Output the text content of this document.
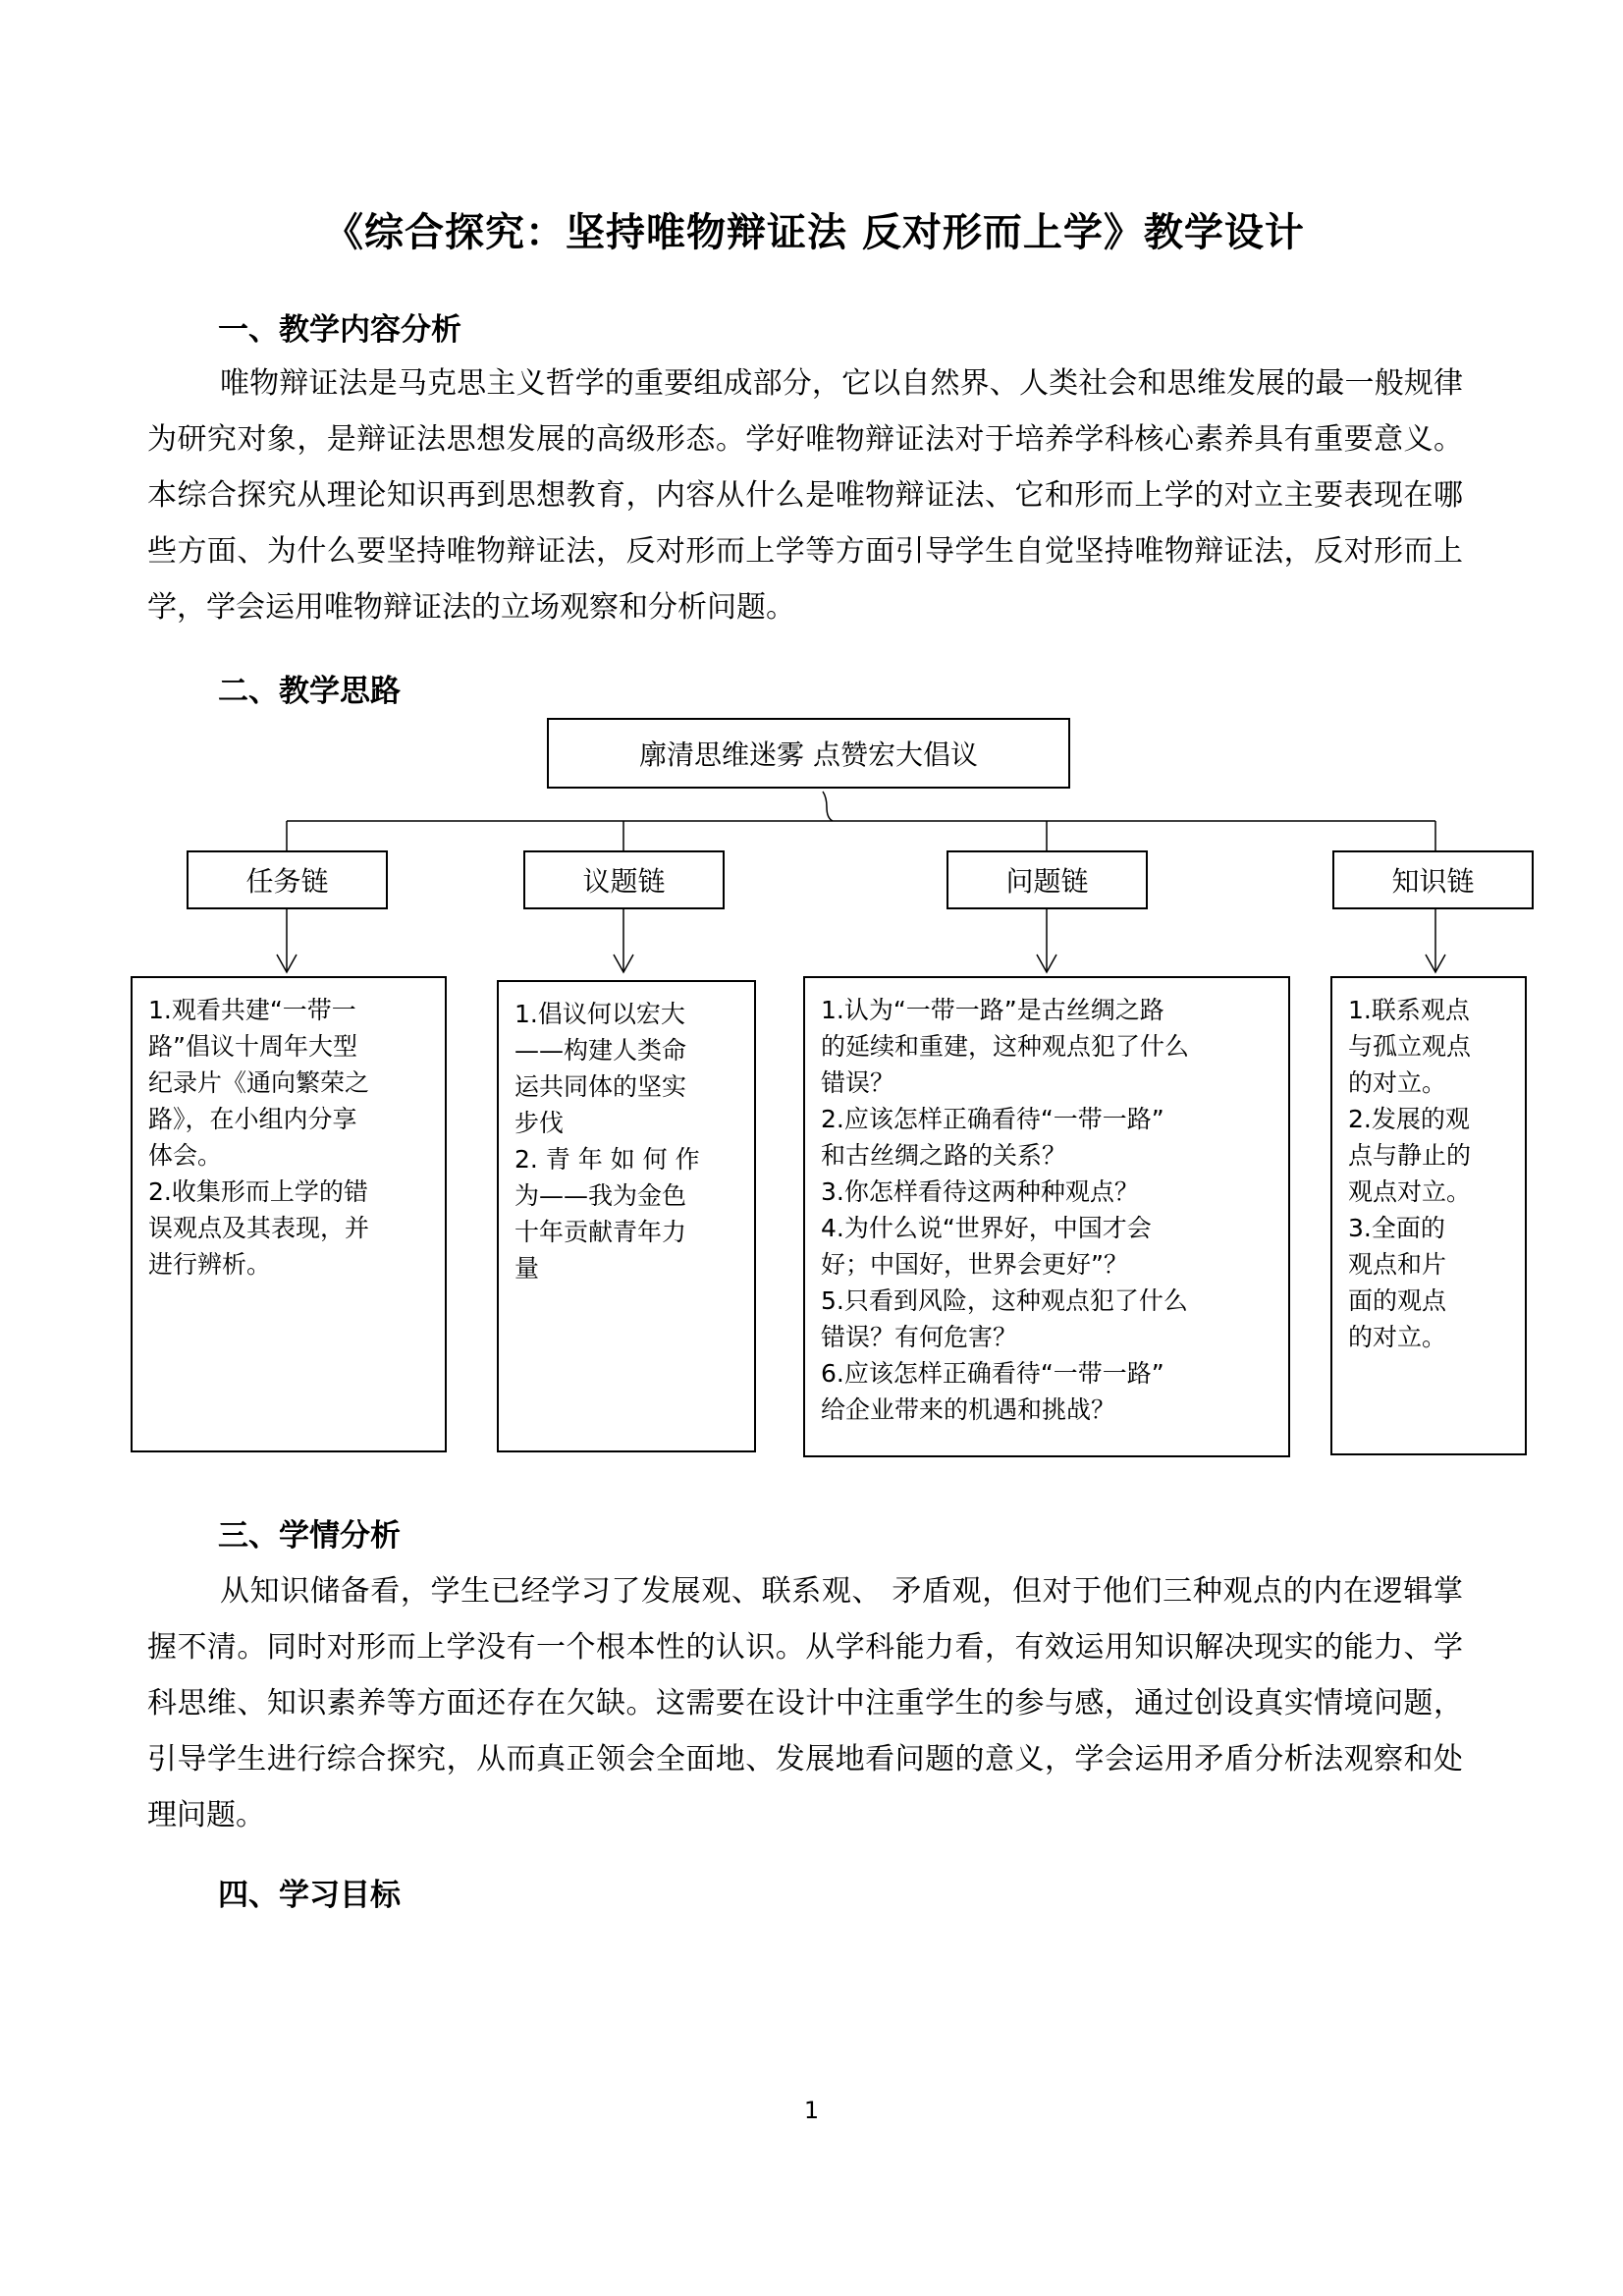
《综合探究：坚持唯物辩证法 反对形而上学》教学设计
一、教学内容分析
唯物辩证法是马克思主义哲学的重要组成部分，它以自然界、人类社会和思维发展的最一般规律为研究对象，是辩证法思想发展的高级形态。学好唯物辩证法对于培养学科核心素养具有重要意义。本综合探究从理论知识再到思想教育，内容从什么是唯物辩证法、它和形而上学的对立主要表现在哪些方面、为什么要坚持唯物辩证法，反对形而上学等方面引导学生自觉坚持唯物辩证法，反对形而上学，学会运用唯物辩证法的立场观察和分析问题。
二、教学思路
廓清思维迷雾 点赞宏大倡议
任务链	议题链	问题链	知识链
1.观看共建“一带一
路”倡议十周年大型
纪录片《通向繁荣之
路》，在小组内分享
体会。
2.收集形而上学的错
误观点及其表现，并
进行辨析。
1.倡议何以宏大
——构建人类命
运共同体的坚实
步伐
2. 青 年 如 何 作
为——我为金色
十年贡献青年力
量
1.认为“一带一路”是古丝绸之路
的延续和重建，这种观点犯了什么
错误？
2.应该怎样正确看待“一带一路”
和古丝绸之路的关系？
3.你怎样看待这两种种观点？
4.为什么说“世界好，中国才会
好；中国好，世界会更好”？
5.只看到风险，这种观点犯了什么
错误？有何危害？
6.应该怎样正确看待“一带一路”
给企业带来的机遇和挑战？
1.联系观点
与孤立观点
的对立。
2.发展的观
点与静止的
观点对立。
3.全面的
观点和片
面的观点
的对立。
三、学情分析
从知识储备看，学生已经学习了发展观、联系观、 矛盾观，但对于他们三种观点的内在逻辑掌握不清。同时对形而上学没有一个根本性的认识。从学科能力看，有效运用知识解决现实的能力、学科思维、知识素养等方面还存在欠缺。这需要在设计中注重学生的参与感，通过创设真实情境问题，引导学生进行综合探究，从而真正领会全面地、发展地看问题的意义，学会运用矛盾分析法观察和处理问题。
四、学习目标
1
